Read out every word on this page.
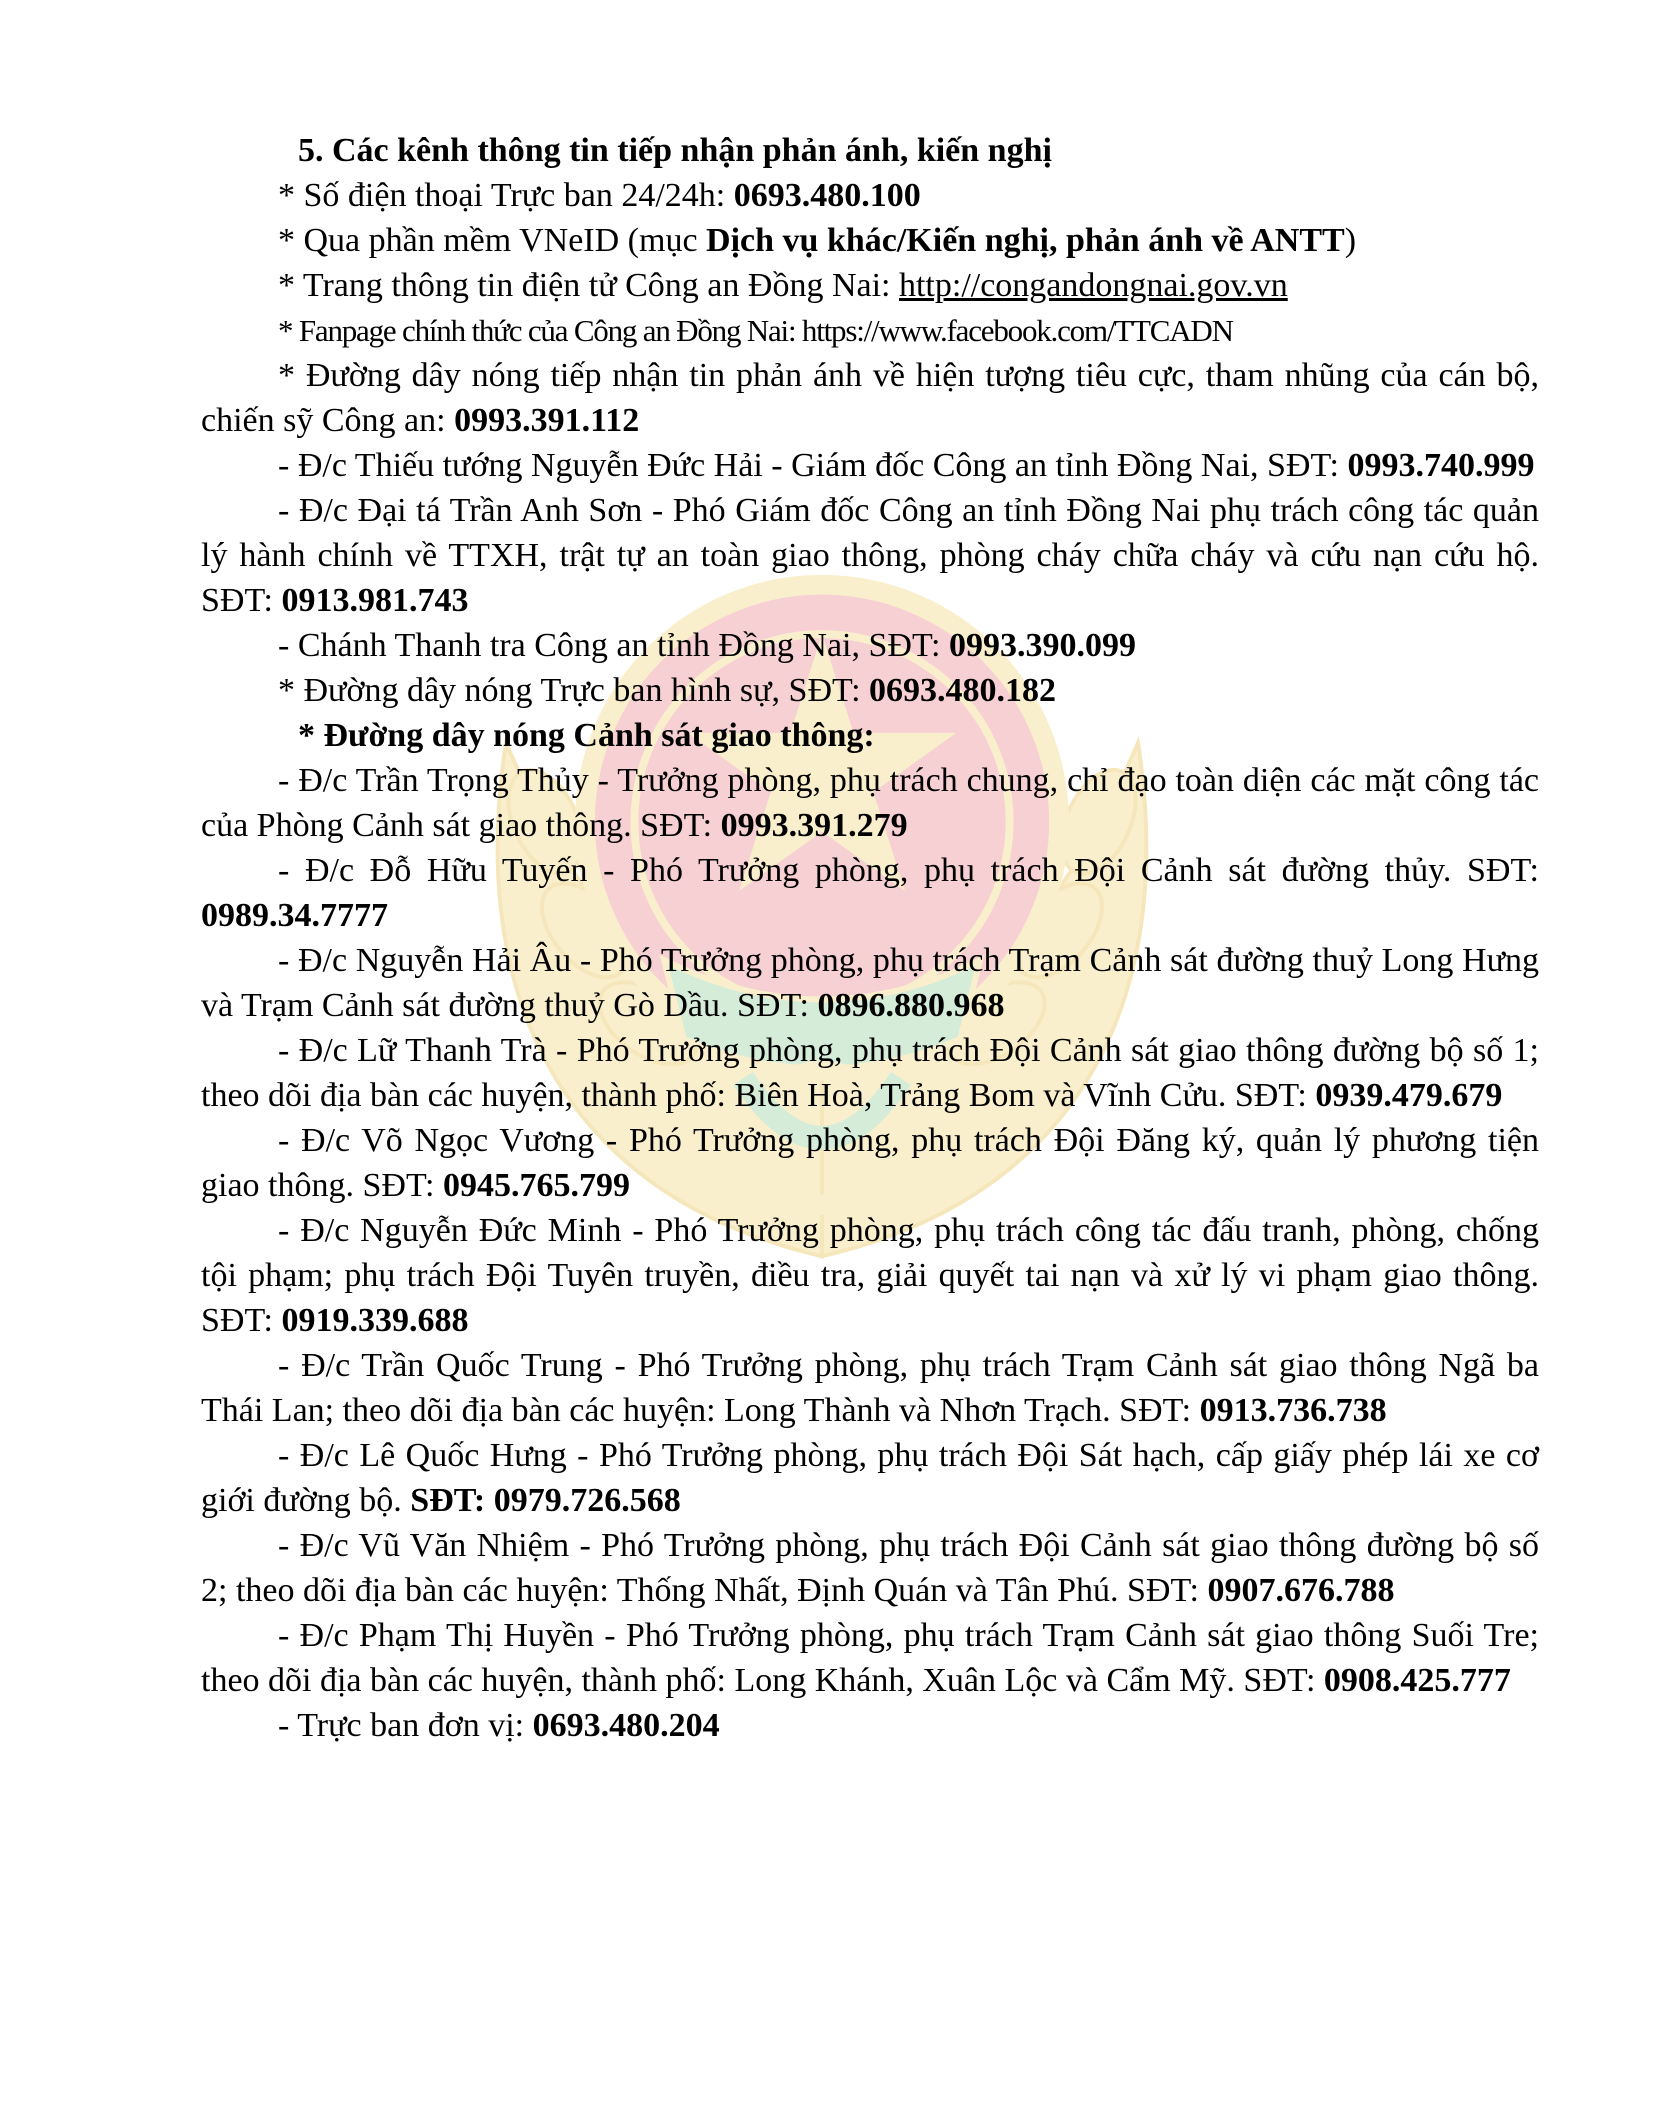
5. Các kênh thông tin tiếp nhận phản ánh, kiến nghị

* Số điện thoại Trực ban 24/24h: 0693.480.100

* Qua phần mềm VNeID (mục Dịch vụ khác/Kiến nghị, phản ánh về ANTT)

* Trang thông tin điện tử Công an Đồng Nai: http://congandongnai.gov.vn

* Fanpage chính thức của Công an Đồng Nai: https://www.facebook.com/TTCADN

* Đường dây nóng tiếp nhận tin phản ánh về hiện tượng tiêu cực, tham nhũng của cán bộ, chiến sỹ Công an: 0993.391.112

- Đ/c Thiếu tướng Nguyễn Đức Hải - Giám đốc Công an tỉnh Đồng Nai, SĐT: 0993.740.999

- Đ/c Đại tá Trần Anh Sơn - Phó Giám đốc Công an tỉnh Đồng Nai phụ trách công tác quản lý hành chính về TTXH, trật tự an toàn giao thông, phòng cháy chữa cháy và cứu nạn cứu hộ. SĐT: 0913.981.743

- Chánh Thanh tra Công an tỉnh Đồng Nai, SĐT: 0993.390.099

* Đường dây nóng Trực ban hình sự, SĐT: 0693.480.182

* Đường dây nóng Cảnh sát giao thông:

- Đ/c Trần Trọng Thủy - Trưởng phòng, phụ trách chung, chỉ đạo toàn diện các mặt công tác của Phòng Cảnh sát giao thông. SĐT: 0993.391.279

- Đ/c Đỗ Hữu Tuyến - Phó Trưởng phòng, phụ trách Đội Cảnh sát đường thủy. SĐT: 0989.34.7777

- Đ/c Nguyễn Hải Âu - Phó Trưởng phòng, phụ trách Trạm Cảnh sát đường thuỷ Long Hưng và Trạm Cảnh sát đường thuỷ Gò Dầu. SĐT: 0896.880.968

- Đ/c Lữ Thanh Trà - Phó Trưởng phòng, phụ trách Đội Cảnh sát giao thông đường bộ số 1; theo dõi địa bàn các huyện, thành phố: Biên Hoà, Trảng Bom và Vĩnh Cửu. SĐT: 0939.479.679

- Đ/c Võ Ngọc Vương - Phó Trưởng phòng, phụ trách Đội Đăng ký, quản lý phương tiện giao thông. SĐT: 0945.765.799

- Đ/c Nguyễn Đức Minh - Phó Trưởng phòng, phụ trách công tác đấu tranh, phòng, chống tội phạm; phụ trách Đội Tuyên truyền, điều tra, giải quyết tai nạn và xử lý vi phạm giao thông. SĐT: 0919.339.688

- Đ/c Trần Quốc Trung - Phó Trưởng phòng, phụ trách Trạm Cảnh sát giao thông Ngã ba Thái Lan; theo dõi địa bàn các huyện: Long Thành và Nhơn Trạch. SĐT: 0913.736.738

- Đ/c Lê Quốc Hưng - Phó Trưởng phòng, phụ trách Đội Sát hạch, cấp giấy phép lái xe cơ giới đường bộ. SĐT: 0979.726.568

- Đ/c Vũ Văn Nhiệm - Phó Trưởng phòng, phụ trách Đội Cảnh sát giao thông đường bộ số 2; theo dõi địa bàn các huyện: Thống Nhất, Định Quán và Tân Phú. SĐT: 0907.676.788

- Đ/c Phạm Thị Huyền - Phó Trưởng phòng, phụ trách Trạm Cảnh sát giao thông Suối Tre; theo dõi địa bàn các huyện, thành phố: Long Khánh, Xuân Lộc và Cẩm Mỹ. SĐT: 0908.425.777

- Trực ban đơn vị: 0693.480.204
